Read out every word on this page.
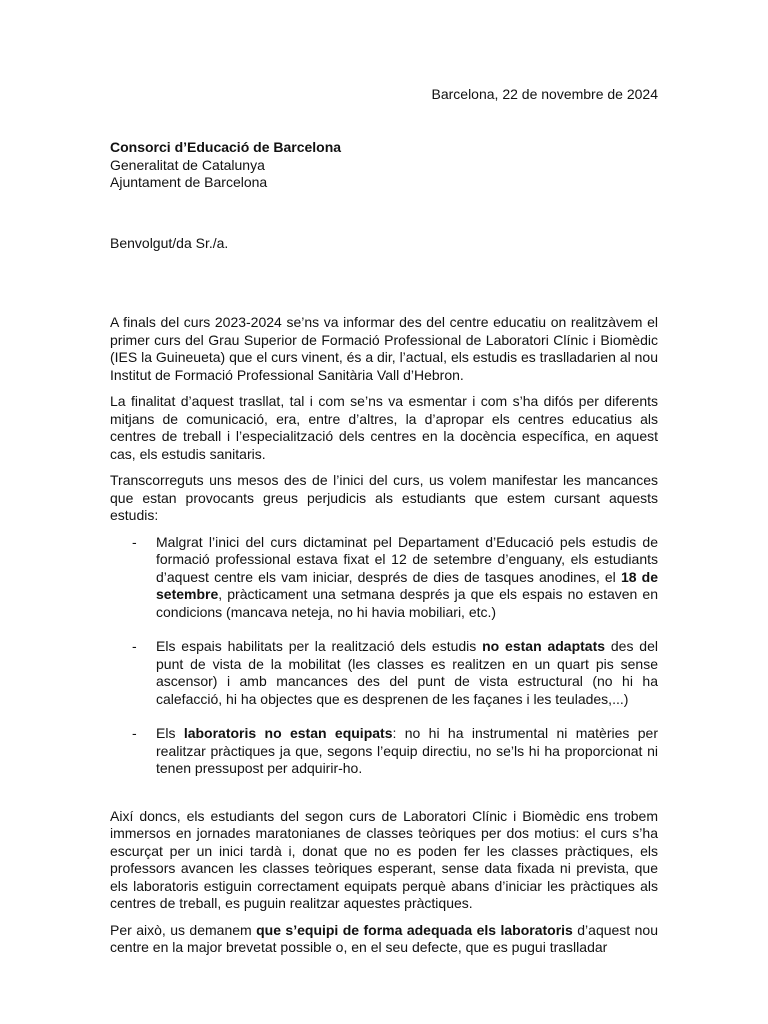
Barcelona, 22 de novembre de 2024
Consorci d’Educació de Barcelona
Generalitat de Catalunya
Ajuntament de Barcelona
Benvolgut/da Sr./a.

A finals del curs 2023-2024 se’ns va informar des del centre educatiu on realitzàvem el primer curs del Grau Superior de Formació Professional de Laboratori Clínic i Biomèdic (IES la Guineueta) que el curs vinent, és a dir, l’actual, els estudis es traslladarien al nou Institut de Formació Professional Sanitària Vall d’Hebron.

La finalitat d’aquest trasllat, tal i com se’ns va esmentar i com s’ha difós per diferents mitjans de comunicació, era, entre d’altres, la d’apropar els centres educatius als centres de treball i l’especialització dels centres en la docència específica, en aquest cas, els estudis sanitaris.

Transcorreguts uns mesos des de l’inici del curs, us volem manifestar les mancances que estan provocants greus perjudicis als estudiants que estem cursant aquests estudis:

- Malgrat l’inici del curs dictaminat pel Departament d’Educació pels estudis de formació professional estava fixat el 12 de setembre d’enguany, els estudiants d’aquest centre els vam iniciar, després de dies de tasques anodines, el 18 de setembre, pràcticament una setmana després ja que els espais no estaven en condicions (mancava neteja, no hi havia mobiliari, etc.)
- Els espais habilitats per la realització dels estudis no estan adaptats des del punt de vista de la mobilitat (les classes es realitzen en un quart pis sense ascensor) i amb mancances des del punt de vista estructural (no hi ha calefacció, hi ha objectes que es desprenen de les façanes i les teulades,...)
- Els laboratoris no estan equipats: no hi ha instrumental ni matèries per realitzar pràctiques ja que, segons l’equip directiu, no se’ls hi ha proporcionat ni tenen pressupost per adquirir-ho.

Així doncs, els estudiants del segon curs de Laboratori Clínic i Biomèdic ens trobem immersos en jornades maratonianes de classes teòriques per dos motius: el curs s’ha escurçat per un inici tardà i, donat que no es poden fer les classes pràctiques, els professors avancen les classes teòriques esperant, sense data fixada ni prevista, que els laboratoris estiguin correctament equipats perquè abans d’iniciar les pràctiques als centres de treball, es puguin realitzar aquestes pràctiques.

Per això, us demanem que s’equipi de forma adequada els laboratoris d’aquest nou centre en la major brevetat possible o, en el seu defecte, que es pugui traslladar
